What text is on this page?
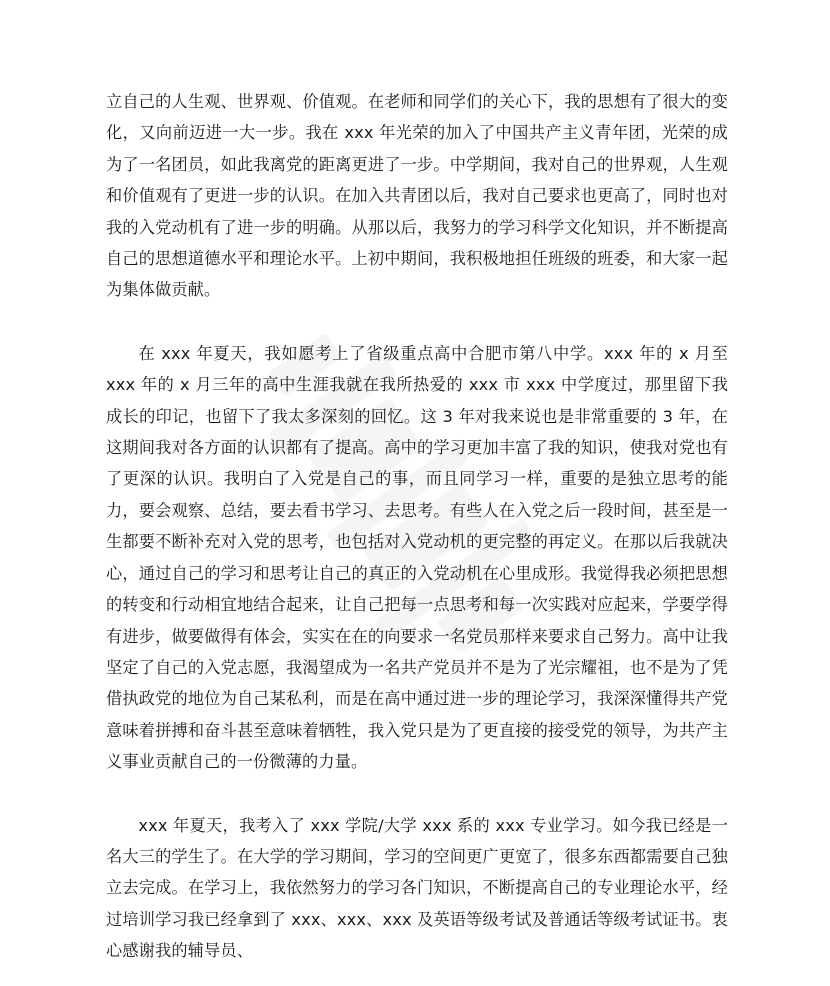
立自己的人生观、世界观、价值观。在老师和同学们的关心下，我的思想有了很大的变化，又向前迈进一大一步。我在 xxx 年光荣的加入了中国共产主义青年团，光荣的成为了一名团员，如此我离党的距离更进了一步。中学期间，我对自己的世界观，人生观和价值观有了更进一步的认识。在加入共青团以后，我对自己要求也更高了，同时也对我的入党动机有了进一步的明确。从那以后，我努力的学习科学文化知识，并不断提高自己的思想道德水平和理论水平。上初中期间，我积极地担任班级的班委，和大家一起为集体做贡献。

在 xxx 年夏天，我如愿考上了省级重点高中合肥市第八中学。xxx 年的 x 月至 xxx 年的 x 月三年的高中生涯我就在我所热爱的 xxx 市 xxx 中学度过，那里留下我成长的印记，也留下了我太多深刻的回忆。这 3 年对我来说也是非常重要的 3 年，在这期间我对各方面的认识都有了提高。高中的学习更加丰富了我的知识，使我对党也有了更深的认识。我明白了入党是自己的事，而且同学习一样，重要的是独立思考的能力，要会观察、总结，要去看书学习、去思考。有些人在入党之后一段时间，甚至是一生都要不断补充对入党的思考，也包括对入党动机的更完整的再定义。在那以后我就决心，通过自己的学习和思考让自己的真正的入党动机在心里成形。我觉得我必须把思想的转变和行动相宜地结合起来，让自己把每一点思考和每一次实践对应起来，学要学得有进步，做要做得有体会，实实在在的向要求一名党员那样来要求自己努力。高中让我坚定了自己的入党志愿，我渴望成为一名共产党员并不是为了光宗耀祖，也不是为了凭借执政党的地位为自己某私利，而是在高中通过进一步的理论学习，我深深懂得共产党意味着拼搏和奋斗甚至意味着牺牲，我入党只是为了更直接的接受党的领导，为共产主义事业贡献自己的一份微薄的力量。

xxx 年夏天，我考入了 xxx 学院/大学 xxx 系的 xxx 专业学习。如今我已经是一名大三的学生了。在大学的学习期间，学习的空间更广更宽了，很多东西都需要自己独立去完成。在学习上，我依然努力的学习各门知识，不断提高自己的专业理论水平，经过培训学习我已经拿到了 xxx、xxx、xxx 及英语等级考试及普通话等级考试证书。衷心感谢我的辅导员、
